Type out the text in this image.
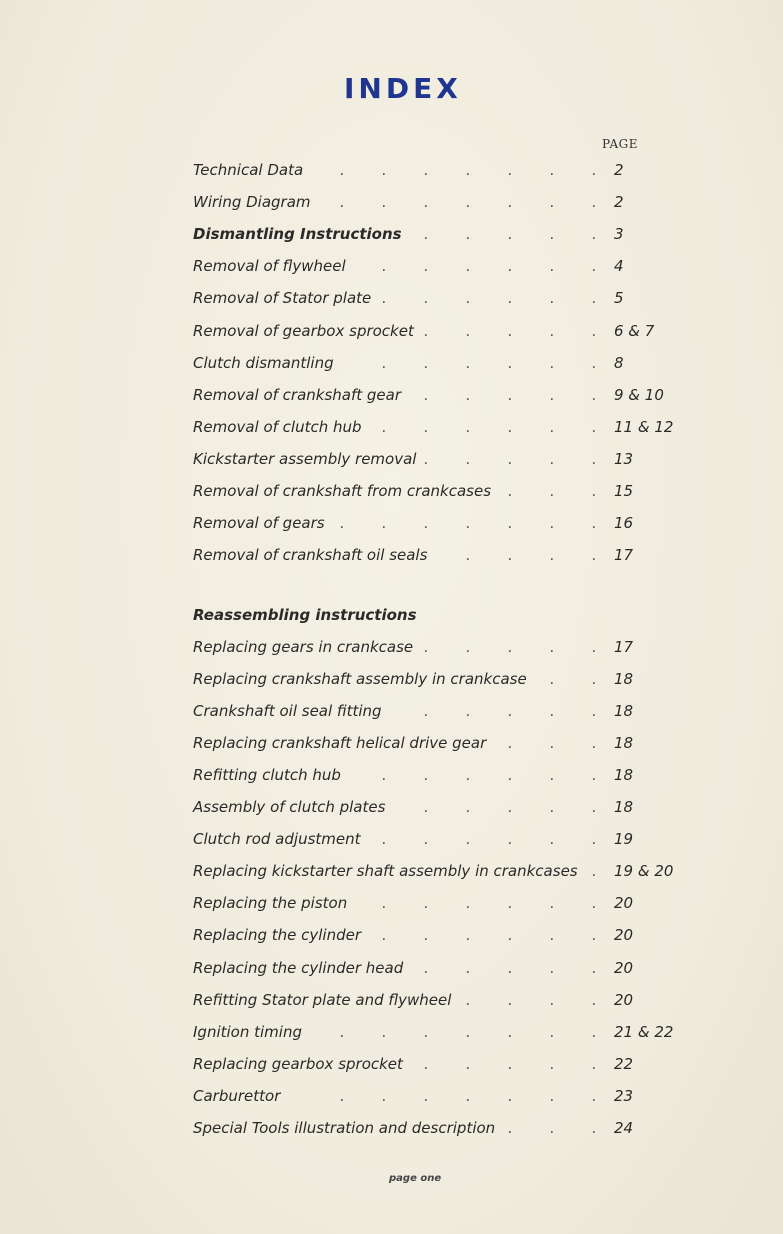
INDEX
PAGE
Technical Data	2
. . . . . . .
Wiring Diagram	2
. . . . . . .
Dismantling Instructions	3
. . . . .
Removal of flywheel	4
. . . . . .
Removal of Stator plate	5
. . . . . .
Removal of gearbox sprocket	6 & 7
. . . . .
Clutch dismantling	8
. . . . . .
Removal of crankshaft gear	9 & 10
. . . . .
Removal of clutch hub	11 & 12
. . . . . .
Kickstarter assembly removal	13
. . . . .
Removal of crankshaft from crankcases	15
. . .
Removal of gears	16
. . . . . . .
Removal of crankshaft oil seals	17
. . . .
Reassembling instructions
Replacing gears in crankcase	17
. . . . .
Replacing crankshaft assembly in crankcase	18
. .
Crankshaft oil seal fitting	18
. . . . .
Replacing crankshaft helical drive gear	18
. . .
Refitting clutch hub	18
. . . . . .
Assembly of clutch plates	18
. . . . .
Clutch rod adjustment	19
. . . . . .
Replacing kickstarter shaft assembly in crankcases 19 & 20
.
Replacing the piston	20
. . . . . .
Replacing the cylinder	20
. . . . . .
Replacing the cylinder head	20
. . . . .
Refitting Stator plate and flywheel	20
. . . .
Ignition timing	21 & 22
. . . . . . .
Replacing gearbox sprocket	22
. . . . .
Carburettor	23
. . . . . . .
Special Tools illustration and description	24
. . .
page one
